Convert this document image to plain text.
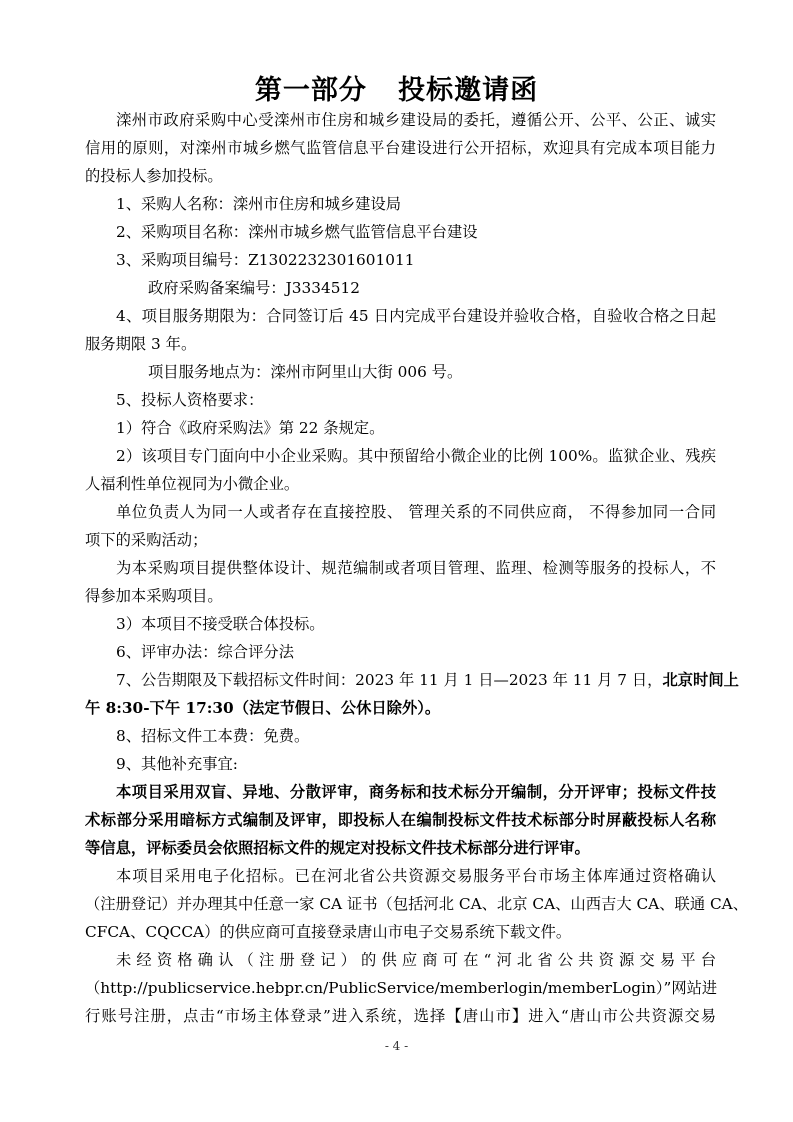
第一部分   投标邀请函
滦州市政府采购中心受滦州市住房和城乡建设局的委托，遵循公开、公平、公正、诚实
信用的原则，对滦州市城乡燃气监管信息平台建设进行公开招标，欢迎具有完成本项目能力
的投标人参加投标。
1、采购人名称：滦州市住房和城乡建设局
2、采购项目名称：滦州市城乡燃气监管信息平台建设
3、采购项目编号：Z1302232301601011
政府采购备案编号：J3334512
4、项目服务期限为：合同签订后 45 日内完成平台建设并验收合格，自验收合格之日起
服务期限 3 年。
项目服务地点为：滦州市阿里山大街 006 号。
5、投标人资格要求：
1）符合《政府采购法》第 22 条规定。
2）该项目专门面向中小企业采购。其中预留给小微企业的比例 100%。监狱企业、残疾
人福利性单位视同为小微企业。
单位负责人为同一人或者存在直接控股、 管理关系的不同供应商， 不得参加同一合同
项下的采购活动；
为本采购项目提供整体设计、规范编制或者项目管理、监理、检测等服务的投标人，不
得参加本采购项目。
3）本项目不接受联合体投标。
6、评审办法：综合评分法
7、公告期限及下载招标文件时间：2023 年 11 月 1 日—2023 年 11 月 7 日，北京时间上
午 8:30-下午 17:30（法定节假日、公休日除外）。
8、招标文件工本费：免费。
9、其他补充事宜:
本项目采用双盲、异地、分散评审，商务标和技术标分开编制，分开评审；投标文件技
术标部分采用暗标方式编制及评审，即投标人在编制投标文件技术标部分时屏蔽投标人名称
等信息，评标委员会依照招标文件的规定对投标文件技术标部分进行评审。
本项目采用电子化招标。已在河北省公共资源交易服务平台市场主体库通过资格确认
（注册登记）并办理其中任意一家 CA 证书（包括河北 CA、北京 CA、山西吉大 CA、联通 CA、
CFCA、CQCCA）的供应商可直接登录唐山市电子交易系统下载文件。
未经资格确认（注册登记）的供应商可在“河北省公共资源交易平台
（http://publicservice.hebpr.cn/PublicService/memberlogin/memberLogin）”网站进
行账号注册，点击“市场主体登录”进入系统，选择【唐山市】进入“唐山市公共资源交易
- 4 -
